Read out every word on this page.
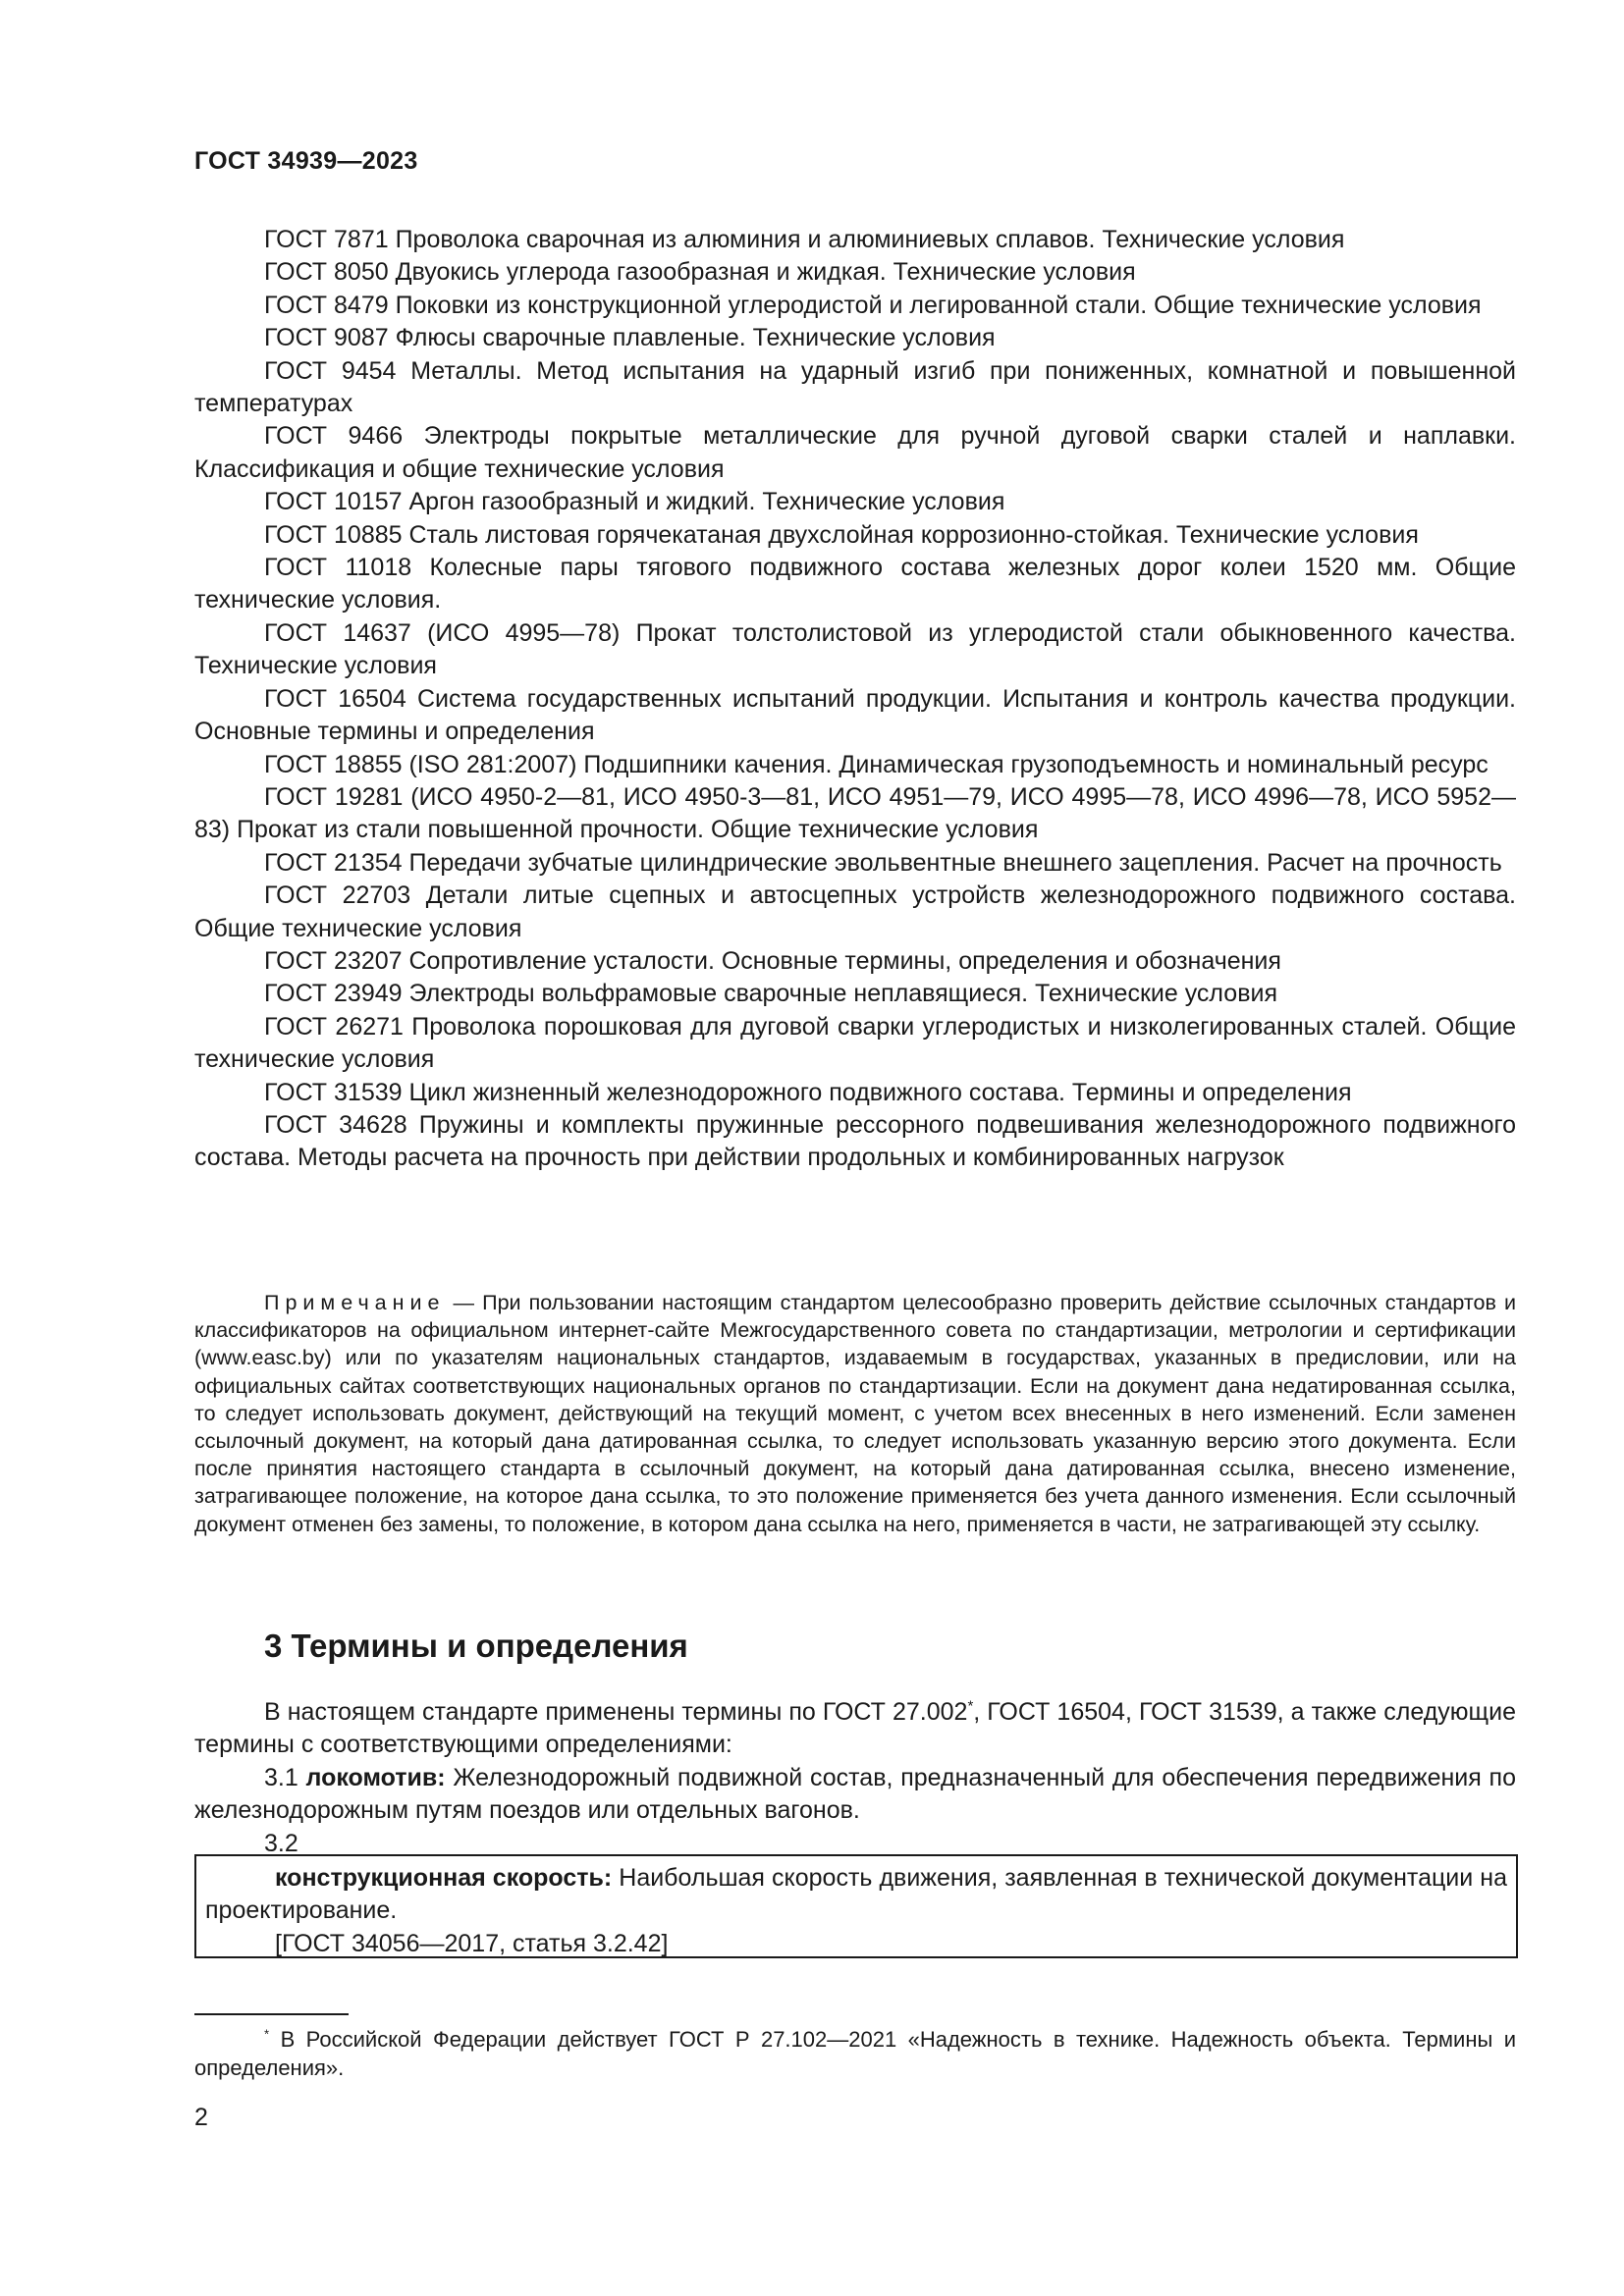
ГОСТ 34939—2023

ГОСТ 7871 Проволока сварочная из алюминия и алюминиевых сплавов. Технические условия

ГОСТ 8050 Двуокись углерода газообразная и жидкая. Технические условия

ГОСТ 8479 Поковки из конструкционной углеродистой и легированной стали. Общие технические условия

ГОСТ 9087 Флюсы сварочные плавленые. Технические условия

ГОСТ 9454 Металлы. Метод испытания на ударный изгиб при пониженных, комнатной и повышенной температурах

ГОСТ 9466 Электроды покрытые металлические для ручной дуговой сварки сталей и наплавки. Классификация и общие технические условия

ГОСТ 10157 Аргон газообразный и жидкий. Технические условия

ГОСТ 10885 Сталь листовая горячекатаная двухслойная коррозионно-стойкая. Технические условия

ГОСТ 11018 Колесные пары тягового подвижного состава железных дорог колеи 1520 мм. Общие технические условия.

ГОСТ 14637 (ИСО 4995—78) Прокат толстолистовой из углеродистой стали обыкновенного качества. Технические условия

ГОСТ 16504 Система государственных испытаний продукции. Испытания и контроль качества продукции. Основные термины и определения

ГОСТ 18855 (ISO 281:2007) Подшипники качения. Динамическая грузоподъемность и номинальный ресурс

ГОСТ 19281 (ИСО 4950-2—81, ИСО 4950-3—81, ИСО 4951—79, ИСО 4995—78, ИСО 4996—78, ИСО 5952—83) Прокат из стали повышенной прочности. Общие технические условия

ГОСТ 21354 Передачи зубчатые цилиндрические эвольвентные внешнего зацепления. Расчет на прочность

ГОСТ 22703 Детали литые сцепных и автосцепных устройств железнодорожного подвижного состава. Общие технические условия

ГОСТ 23207 Сопротивление усталости. Основные термины, определения и обозначения

ГОСТ 23949 Электроды вольфрамовые сварочные неплавящиеся. Технические условия

ГОСТ 26271 Проволока порошковая для дуговой сварки углеродистых и низколегированных сталей. Общие технические условия

ГОСТ 31539 Цикл жизненный железнодорожного подвижного состава. Термины и определения

ГОСТ 34628 Пружины и комплекты пружинные рессорного подвешивания железнодорожного подвижного состава. Методы расчета на прочность при действии продольных и комбинированных нагрузок

Примечание — При пользовании настоящим стандартом целесообразно проверить действие ссылочных стандартов и классификаторов на официальном интернет-сайте Межгосударственного совета по стандартизации, метрологии и сертификации (www.easc.by) или по указателям национальных стандартов, издаваемым в государствах, указанных в предисловии, или на официальных сайтах соответствующих национальных органов по стандартизации. Если на документ дана недатированная ссылка, то следует использовать документ, действующий на текущий момент, с учетом всех внесенных в него изменений. Если заменен ссылочный документ, на который дана датированная ссылка, то следует использовать указанную версию этого документа. Если после принятия настоящего стандарта в ссылочный документ, на который дана датированная ссылка, внесено изменение, затрагивающее положение, на которое дана ссылка, то это положение применяется без учета данного изменения. Если ссылочный документ отменен без замены, то положение, в котором дана ссылка на него, применяется в части, не затрагивающей эту ссылку.

3 Термины и определения

В настоящем стандарте применены термины по ГОСТ 27.002*, ГОСТ 16504, ГОСТ 31539, а также следующие термины с соответствующими определениями:

3.1 локомотив: Железнодорожный подвижной состав, предназначенный для обеспечения передвижения по железнодорожным путям поездов или отдельных вагонов.

3.2

конструкционная скорость: Наибольшая скорость движения, заявленная в технической документации на проектирование.

[ГОСТ 34056—2017, статья 3.2.42]

* В Российской Федерации действует ГОСТ Р 27.102—2021 «Надежность в технике. Надежность объекта. Термины и определения».

2
